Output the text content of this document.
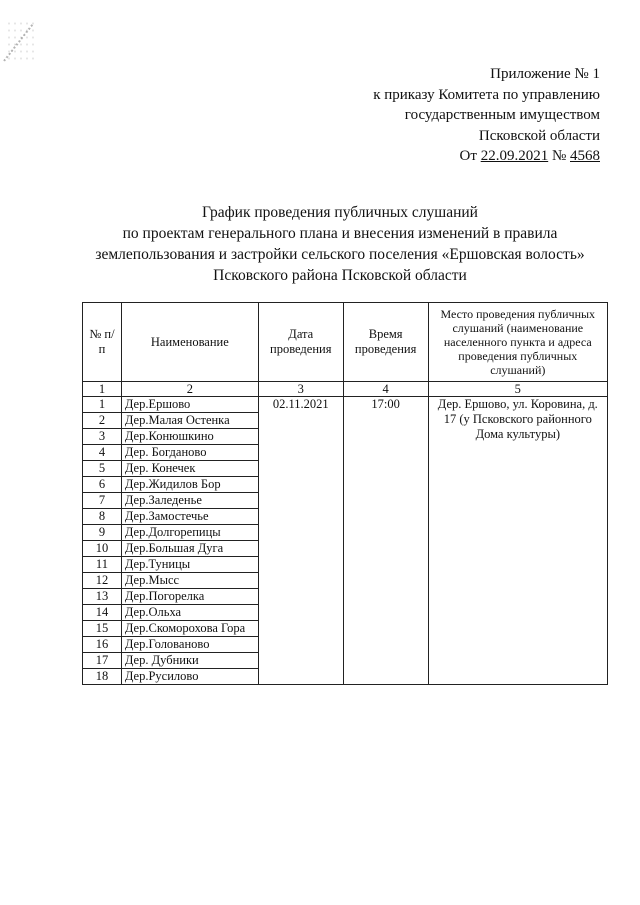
Приложение № 1
к приказу Комитета по управлению
государственным имуществом
Псковской области
От 22.09.2021 № 4568
График проведения публичных слушаний
по проектам генерального плана и внесения изменений в правила
землепользования и застройки сельского поселения «Ершовская волость»
Псковского района Псковской области
№ п/п	Наименование	Дата проведения	Время проведения	Место проведения публичных слушаний (наименование населенного пункта и адреса проведения публичных слушаний)
1	2	3	4	5
1	Дер.Ершово	02.11.2021	17:00	Дер. Ершово, ул. Коровина, д. 17 (у Псковского районного Дома культуры)
2	Дер.Малая Остенка			
3	Дер.Конюшкино			
4	Дер. Богданово			
5	Дер. Конечек			
6	Дер.Жидилов Бор			
7	Дер.Заледенье			
8	Дер.Замостечье			
9	Дер.Долгорепицы			
10	Дер.Большая Дуга			
11	Дер.Туницы			
12	Дер.Мысс			
13	Дер.Погорелка			
14	Дер.Ольха			
15	Дер.Скоморохова Гора			
16	Дер.Голованово			
17	Дер. Дубники			
18	Дер.Русилово			
